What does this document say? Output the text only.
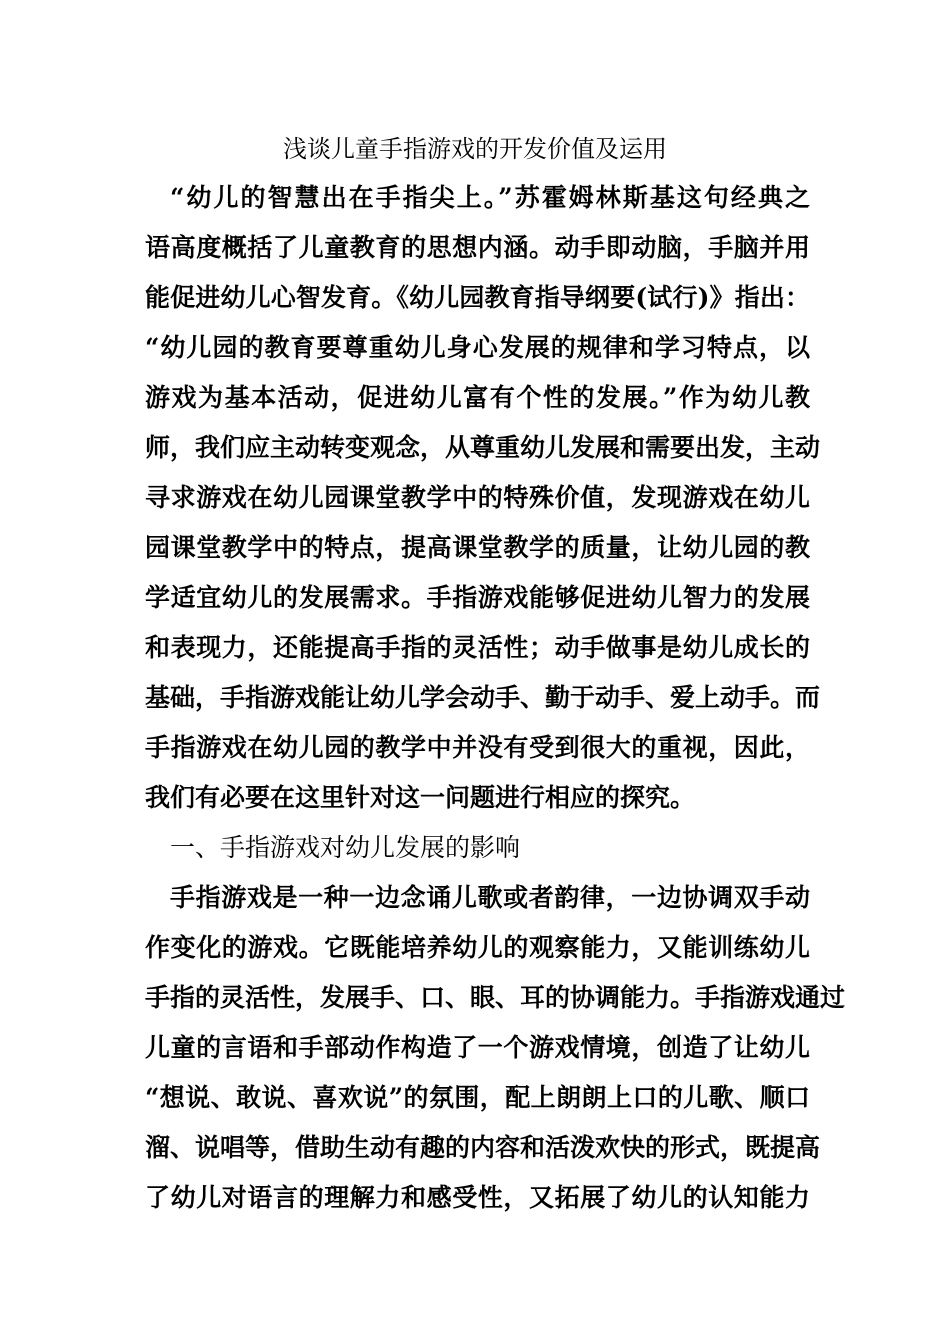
浅谈儿童手指游戏的开发价值及运用
“幼儿的智慧出在手指尖上。”苏霍姆林斯基这句经典之
语高度概括了儿童教育的思想内涵。动手即动脑，手脑并用
能促进幼儿心智发育。《幼儿园教育指导纲要(试行)》指出：
“幼儿园的教育要尊重幼儿身心发展的规律和学习特点，以
游戏为基本活动，促进幼儿富有个性的发展。”作为幼儿教
师，我们应主动转变观念，从尊重幼儿发展和需要出发，主动
寻求游戏在幼儿园课堂教学中的特殊价值，发现游戏在幼儿
园课堂教学中的特点，提高课堂教学的质量，让幼儿园的教
学适宜幼儿的发展需求。手指游戏能够促进幼儿智力的发展
和表现力，还能提高手指的灵活性；动手做事是幼儿成长的
基础，手指游戏能让幼儿学会动手、勤于动手、爱上动手。而
手指游戏在幼儿园的教学中并没有受到很大的重视，因此，
我们有必要在这里针对这一问题进行相应的探究。
一、手指游戏对幼儿发展的影响
手指游戏是一种一边念诵儿歌或者韵律，一边协调双手动
作变化的游戏。它既能培养幼儿的观察能力，又能训练幼儿
手指的灵活性，发展手、口、眼、耳的协调能力。手指游戏通过
儿童的言语和手部动作构造了一个游戏情境，创造了让幼儿
“想说、敢说、喜欢说”的氛围，配上朗朗上口的儿歌、顺口
溜、说唱等，借助生动有趣的内容和活泼欢快的形式，既提高
了幼儿对语言的理解力和感受性，又拓展了幼儿的认知能力
